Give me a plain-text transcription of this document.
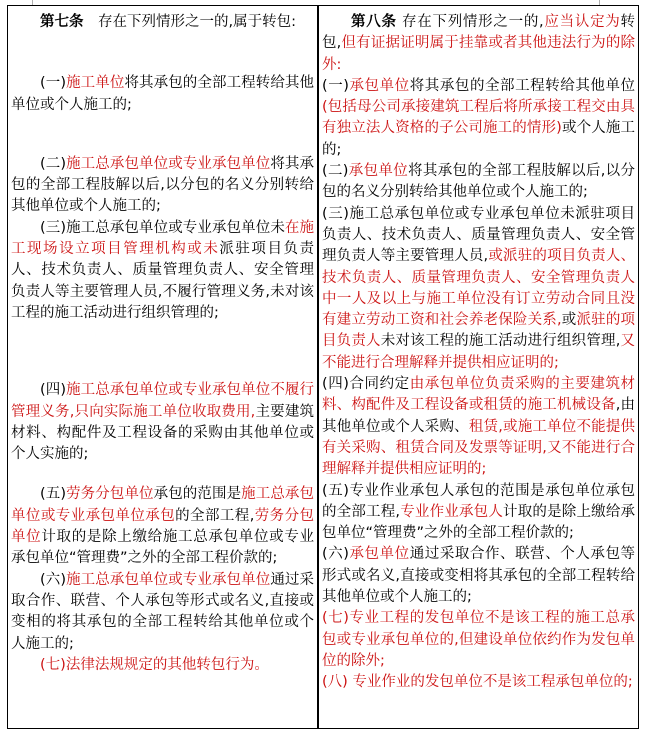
第七条　存在下列情形之一的,属于转包:

(一)施工单位将其承包的全部工程转给其他单位或个人施工的;

(二)施工总承包单位或专业承包单位将其承包的全部工程肢解以后,以分包的名义分别转给其他单位或个人施工的;

(三)施工总承包单位或专业承包单位未在施工现场设立项目管理机构或未派驻项目负责人、技术负责人、质量管理负责人、安全管理负责人等主要管理人员,不履行管理义务,未对该工程的施工活动进行组织管理的;

(四)施工总承包单位或专业承包单位不履行管理义务,只向实际施工单位收取费用,主要建筑材料、构配件及工程设备的采购由其他单位或个人实施的;

(五)劳务分包单位承包的范围是施工总承包单位或专业承包单位承包的全部工程,劳务分包单位计取的是除上缴给施工总承包单位或专业承包单位“管理费”之外的全部工程价款的;

(六)施工总承包单位或专业承包单位通过采取合作、联营、个人承包等形式或名义,直接或变相的将其承包的全部工程转给其他单位或个人施工的;

(七)法律法规规定的其他转包行为。

第八条 存在下列情形之一的,应当认定为转包,但有证据证明属于挂靠或者其他违法行为的除外:

(一)承包单位将其承包的全部工程转给其他单位(包括母公司承接建筑工程后将所承接工程交由具有独立法人资格的子公司施工的情形)或个人施工的;

(二)承包单位将其承包的全部工程肢解以后,以分包的名义分别转给其他单位或个人施工的;

(三)施工总承包单位或专业承包单位未派驻项目负责人、技术负责人、质量管理负责人、安全管理负责人等主要管理人员,或派驻的项目负责人、技术负责人、质量管理负责人、安全管理负责人中一人及以上与施工单位没有订立劳动合同且没有建立劳动工资和社会养老保险关系,或派驻的项目负责人未对该工程的施工活动进行组织管理,又不能进行合理解释并提供相应证明的;

(四)合同约定由承包单位负责采购的主要建筑材料、构配件及工程设备或租赁的施工机械设备,由其他单位或个人采购、租赁,或施工单位不能提供有关采购、租赁合同及发票等证明,又不能进行合理解释并提供相应证明的;

(五)专业作业承包人承包的范围是承包单位承包的全部工程,专业作业承包人计取的是除上缴给承包单位“管理费”之外的全部工程价款的;

(六)承包单位通过采取合作、联营、个人承包等形式或名义,直接或变相将其承包的全部工程转给其他单位或个人施工的;

(七)专业工程的发包单位不是该工程的施工总承包或专业承包单位的,但建设单位依约作为发包单位的除外;

(八) 专业作业的发包单位不是该工程承包单位的;
